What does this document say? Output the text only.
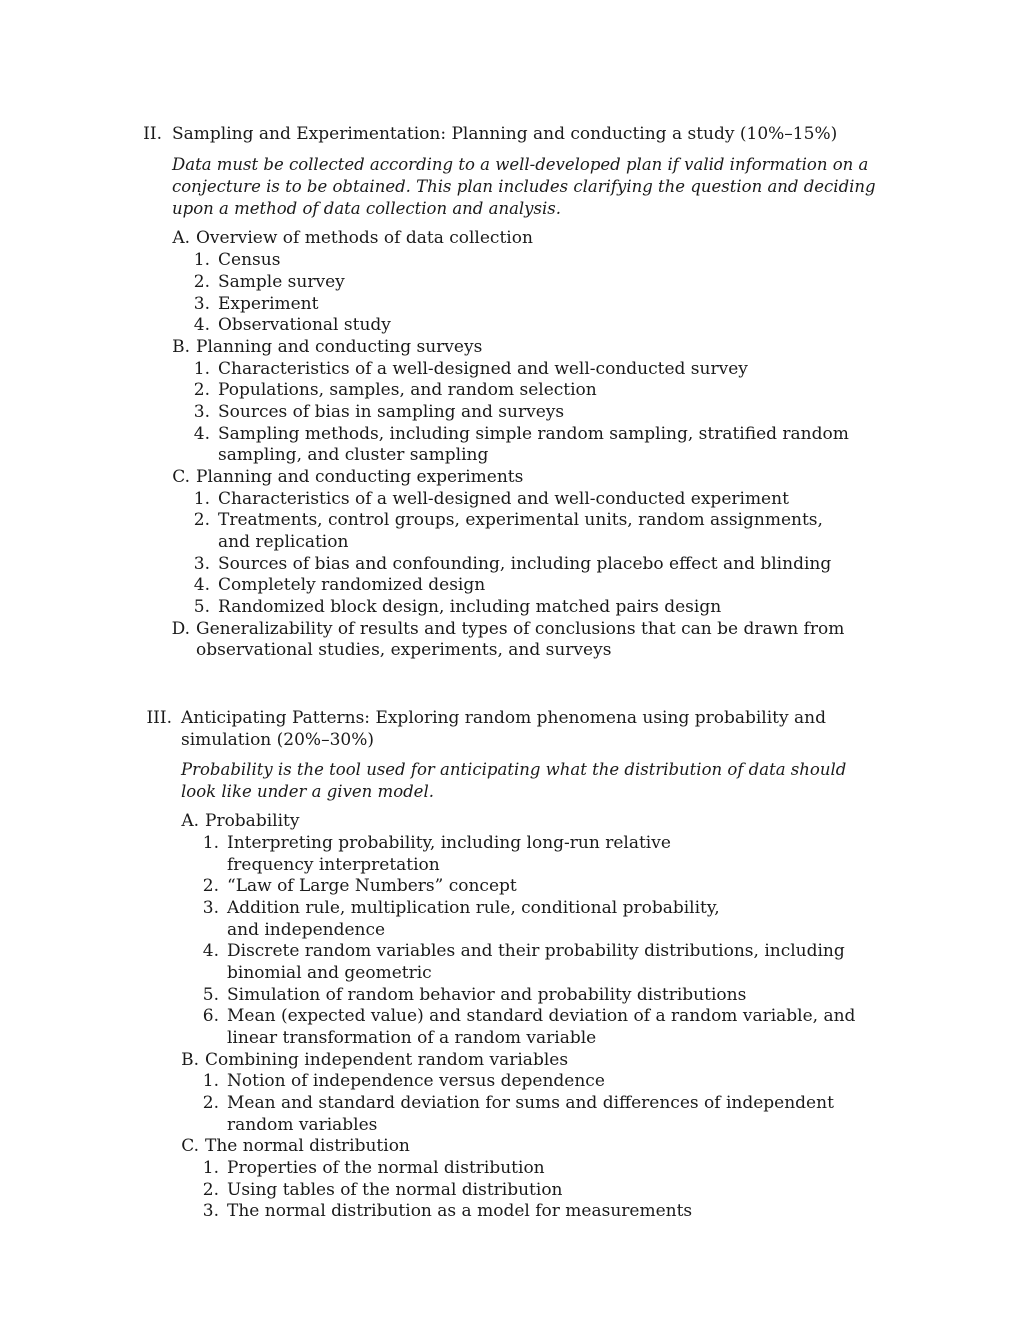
II. Sampling and Experimentation: Planning and conducting a study (10%–15%)
Data must be collected according to a well-developed plan if valid information on a
conjecture is to be obtained. This plan includes clarifying the question and deciding
upon a method of data collection and analysis.
A. Overview of methods of data collection
1. Census
2. Sample survey
3. Experiment
4. Observational study
B. Planning and conducting surveys
1. Characteristics of a well-designed and well-conducted survey
2. Populations, samples, and random selection
3. Sources of bias in sampling and surveys
4. Sampling methods, including simple random sampling, stratified random
sampling, and cluster sampling
C. Planning and conducting experiments
1. Characteristics of a well-designed and well-conducted experiment
2. Treatments, control groups, experimental units, random assignments,
and replication
3. Sources of bias and confounding, including placebo effect and blinding
4. Completely randomized design
5. Randomized block design, including matched pairs design
D. Generalizability of results and types of conclusions that can be drawn from
observational studies, experiments, and surveys
III. Anticipating Patterns: Exploring random phenomena using probability and
simulation (20%–30%)
Probability is the tool used for anticipating what the distribution of data should
look like under a given model.
A. Probability
1. Interpreting probability, including long-run relative
frequency interpretation
2. “Law of Large Numbers” concept
3. Addition rule, multiplication rule, conditional probability,
and independence
4. Discrete random variables and their probability distributions, including
binomial and geometric
5. Simulation of random behavior and probability distributions
6. Mean (expected value) and standard deviation of a random variable, and
linear transformation of a random variable
B. Combining independent random variables
1. Notion of independence versus dependence
2. Mean and standard deviation for sums and differences of independent
random variables
C. The normal distribution
1. Properties of the normal distribution
2. Using tables of the normal distribution
3. The normal distribution as a model for measurements
